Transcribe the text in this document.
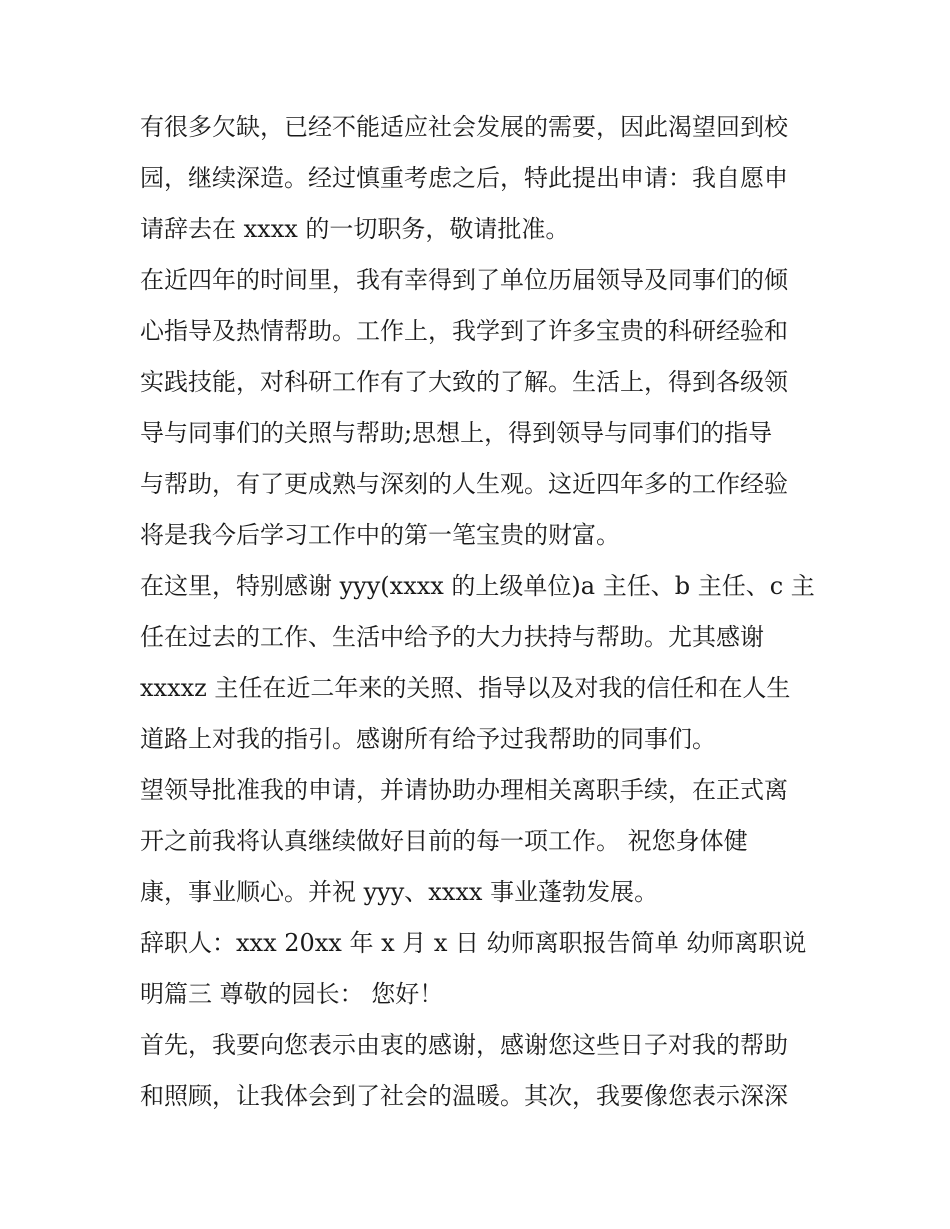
有很多欠缺，已经不能适应社会发展的需要，因此渴望回到校
园，继续深造。经过慎重考虑之后，特此提出申请：我自愿申
请辞去在 xxxx 的一切职务，敬请批准。
在近四年的时间里，我有幸得到了单位历届领导及同事们的倾
心指导及热情帮助。工作上，我学到了许多宝贵的科研经验和
实践技能，对科研工作有了大致的了解。生活上，得到各级领
导与同事们的关照与帮助;思想上，得到领导与同事们的指导
与帮助，有了更成熟与深刻的人生观。这近四年多的工作经验
将是我今后学习工作中的第一笔宝贵的财富。
在这里，特别感谢 yyy(xxxx 的上级单位)a 主任、b 主任、c 主
任在过去的工作、生活中给予的大力扶持与帮助。尤其感谢
xxxxz 主任在近二年来的关照、指导以及对我的信任和在人生
道路上对我的指引。感谢所有给予过我帮助的同事们。
望领导批准我的申请，并请协助办理相关离职手续，在正式离
开之前我将认真继续做好目前的每一项工作。 祝您身体健
康，事业顺心。并祝 yyy、xxxx 事业蓬勃发展。
辞职人：xxx 20xx 年 x 月 x 日 幼师离职报告简单 幼师离职说
明篇三 尊敬的园长： 您好！
首先，我要向您表示由衷的感谢，感谢您这些日子对我的帮助
和照顾，让我体会到了社会的温暖。其次，我要像您表示深深
